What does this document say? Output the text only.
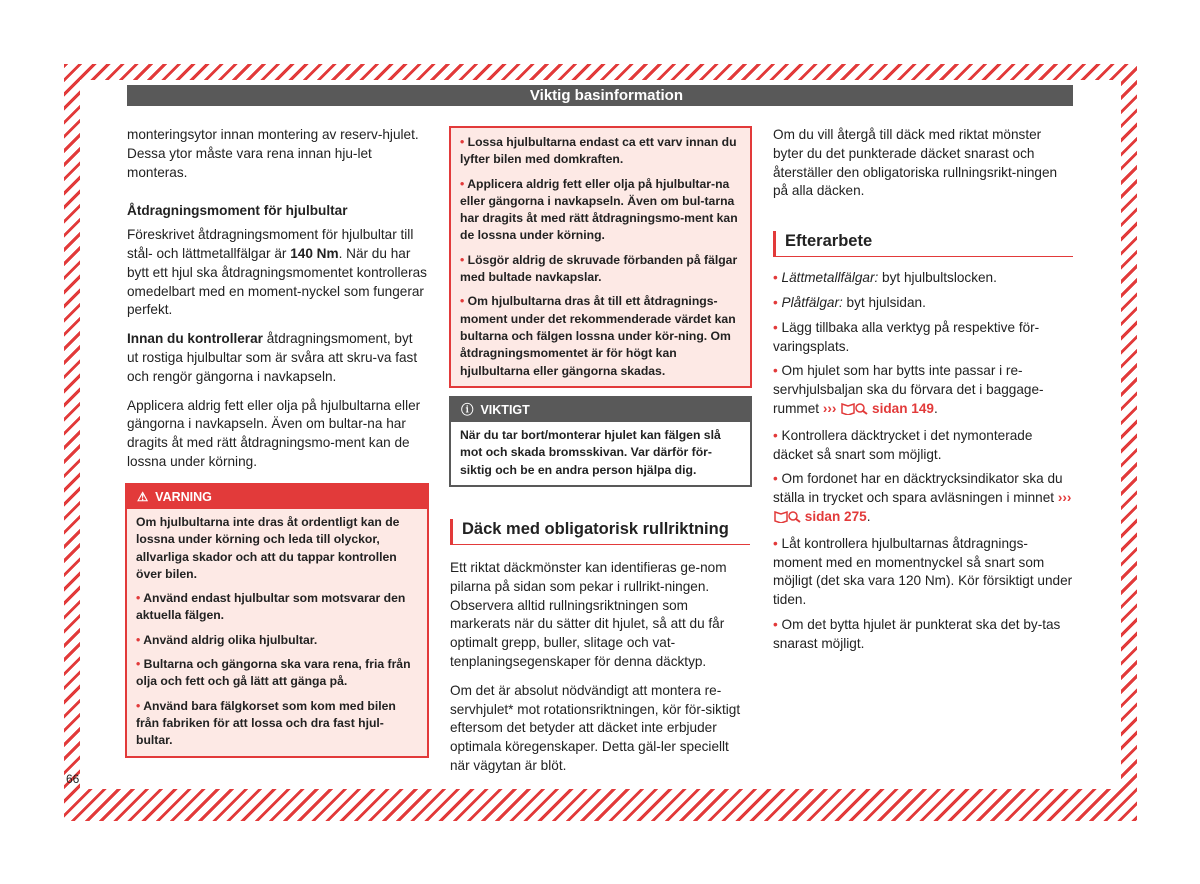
Viktig basinformation

monteringsytor innan montering av reserv-hjulet. Dessa ytor måste vara rena innan hju-let monteras.

Åtdragningsmoment för hjulbultar

Föreskrivet åtdragningsmoment för hjulbultar till stål- och lättmetallfälgar är 140 Nm. När du har bytt ett hjul ska åtdragningsmomentet kontrolleras omedelbart med en moment-nyckel som fungerar perfekt.

Innan du kontrollerar åtdragningsmoment, byt ut rostiga hjulbultar som är svåra att skru-va fast och rengör gängorna i navkapseln.

Applicera aldrig fett eller olja på hjulbultarna eller gängorna i navkapseln. Även om bultar-na har dragits åt med rätt åtdragningsmo-ment kan de lossna under körning.

⚠ VARNING

Om hjulbultarna inte dras åt ordentligt kan de lossna under körning och leda till olyckor, allvarliga skador och att du tappar kontrollen över bilen.

• Använd endast hjulbultar som motsvarar den aktuella fälgen.

• Använd aldrig olika hjulbultar.

• Bultarna och gängorna ska vara rena, fria från olja och fett och gå lätt att gänga på.

• Använd bara fälgkorset som kom med bilen från fabriken för att lossa och dra fast hjul-bultar.

• Lossa hjulbultarna endast ca ett varv innan du lyfter bilen med domkraften.

• Applicera aldrig fett eller olja på hjulbultar-na eller gängorna i navkapseln. Även om bul-tarna har dragits åt med rätt åtdragningsmo-ment kan de lossna under körning.

• Lösgör aldrig de skruvade förbanden på fälgar med bultade navkapslar.

• Om hjulbultarna dras åt till ett åtdragnings-moment under det rekommenderade värdet kan bultarna och fälgen lossna under kör-ning. Om åtdragningsmomentet är för högt kan hjulbultarna eller gängorna skadas.

ⓘ VIKTIGT
När du tar bort/monterar hjulet kan fälgen slå mot och skada bromsskivan. Var därför för-siktig och be en andra person hjälpa dig.
Däck med obligatorisk rullriktning

Ett riktat däckmönster kan identifieras ge-nom pilarna på sidan som pekar i rullrikt-ningen. Observera alltid rullningsriktningen som markerats när du sätter dit hjulet, så att du får optimalt grepp, buller, slitage och vat-tenplaningsegenskaper för denna däcktyp.

Om det är absolut nödvändigt att montera re-servhjulet* mot rotationsriktningen, kör för-siktigt eftersom det betyder att däcket inte erbjuder optimala köregenskaper. Detta gäl-ler speciellt när vägytan är blöt.

Om du vill återgå till däck med riktat mönster byter du det punkterade däcket snarast och återställer den obligatoriska rullningsrikt-ningen på alla däcken.

Efterarbete
• Lättmetallfälgar: byt hjulbultslocken.
• Plåtfälgar: byt hjulsidan.
• Lägg tillbaka alla verktyg på respektive för-varingsplats.
• Om hjulet som har bytts inte passar i re-servhjulsbaljan ska du förvara det i baggage-rummet ›››	sidan 149.
• Kontrollera däcktrycket i det nymonterade däcket så snart som möjligt.
• Om fordonet har en däcktrycksindikator ska du ställa in trycket och spara avläsningen i minnet ›››  sidan 275.
• Låt kontrollera hjulbultarnas åtdragnings-moment med en momentnyckel så snart som möjligt (det ska vara 120 Nm). Kör försiktigt under tiden.
• Om det bytta hjulet är punkterat ska det by-tas snarast möjligt.
66
